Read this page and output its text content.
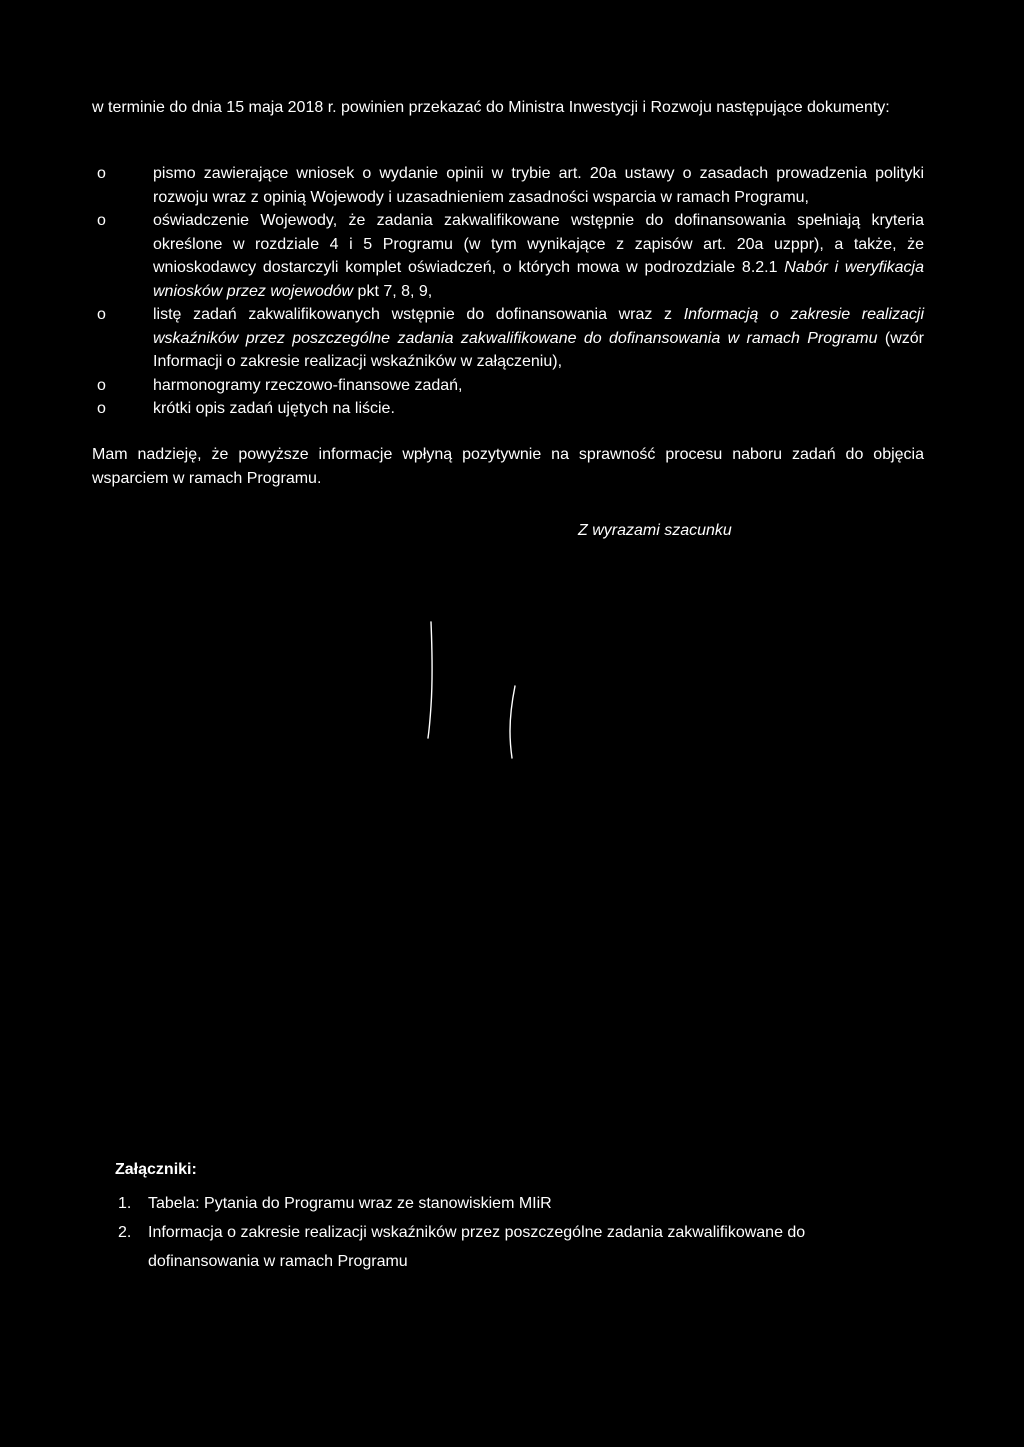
w terminie do dnia 15 maja 2018 r. powinien przekazać do Ministra Inwestycji i Rozwoju następujące dokumenty:

o	pismo zawierające wniosek o wydanie opinii w trybie art. 20a ustawy o zasadach prowadzenia polityki rozwoju wraz z opinią Wojewody i uzasadnieniem zasadności wsparcia w ramach Programu,
o	oświadczenie Wojewody, że zadania zakwalifikowane wstępnie do dofinansowania spełniają kryteria określone w rozdziale 4 i 5 Programu (w tym wynikające z zapisów art. 20a uzppr), a także, że wnioskodawcy dostarczyli komplet oświadczeń, o których mowa w podrozdziale 8.2.1 Nabór i weryfikacja wniosków przez wojewodów pkt 7, 8, 9,
o	listę zadań zakwalifikowanych wstępnie do dofinansowania wraz z Informacją o zakresie realizacji wskaźników przez poszczególne zadania zakwalifikowane do dofinansowania w ramach Programu (wzór Informacji o zakresie realizacji wskaźników w załączeniu),
o	harmonogramy rzeczowo-finansowe zadań,
o	krótki opis zadań ujętych na liście.

Mam nadzieję, że powyższe informacje wpłyną pozytywnie na sprawność procesu naboru zadań do objęcia wsparciem w ramach Programu.

Z wyrazami szacunku
Załączniki:
1. Tabela: Pytania do Programu wraz ze stanowiskiem MIiR
2. Informacja o zakresie realizacji wskaźników przez poszczególne zadania zakwalifikowane do dofinansowania w ramach Programu
